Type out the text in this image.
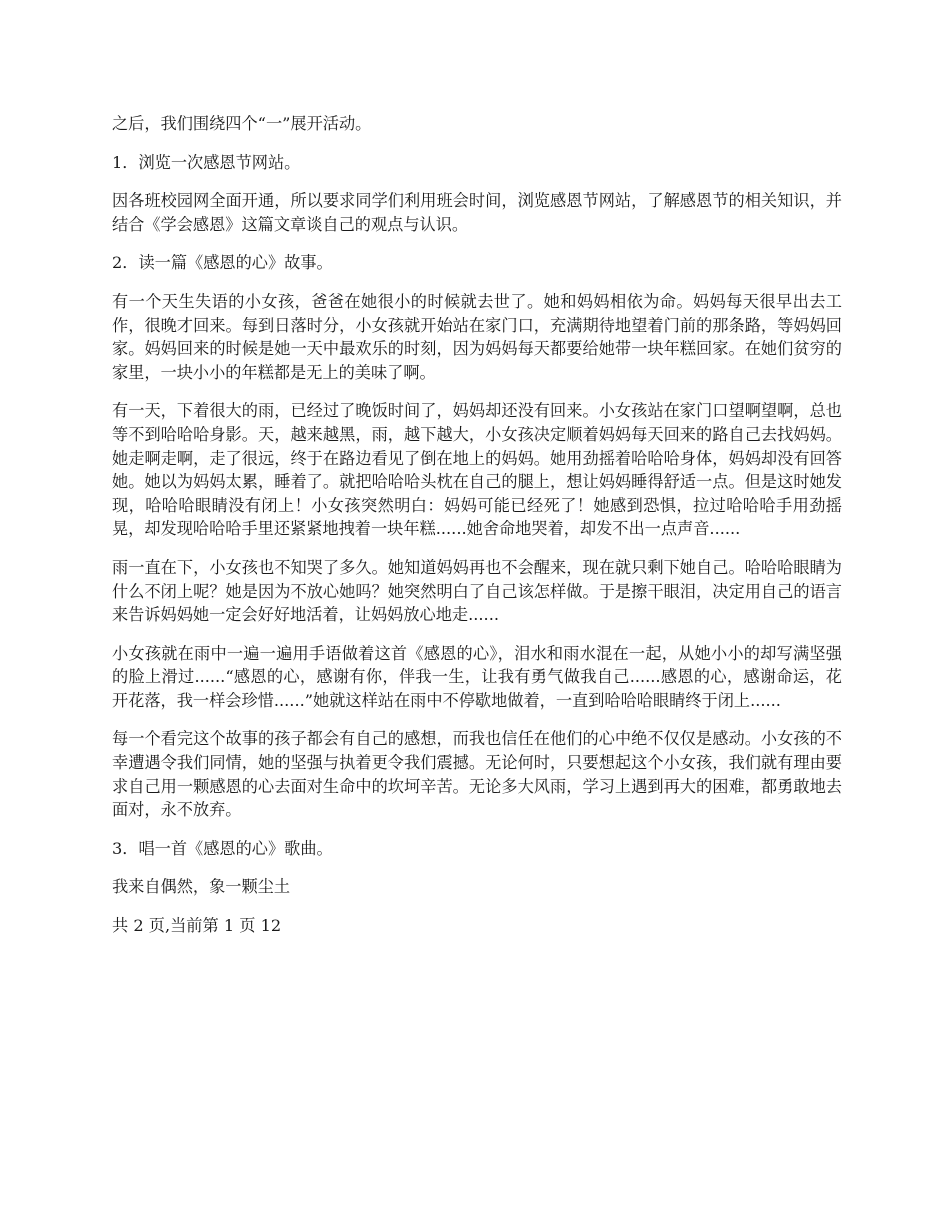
之后，我们围绕四个“一”展开活动。

1．浏览一次感恩节网站。

因各班校园网全面开通，所以要求同学们利用班会时间，浏览感恩节网站，了解感恩节的相关知识，并结合《学会感恩》这篇文章谈自己的观点与认识。

2．读一篇《感恩的心》故事。

有一个天生失语的小女孩，爸爸在她很小的时候就去世了。她和妈妈相依为命。妈妈每天很早出去工作，很晚才回来。每到日落时分，小女孩就开始站在家门口，充满期待地望着门前的那条路，等妈妈回家。妈妈回来的时候是她一天中最欢乐的时刻，因为妈妈每天都要给她带一块年糕回家。在她们贫穷的家里，一块小小的年糕都是无上的美味了啊。

有一天，下着很大的雨，已经过了晚饭时间了，妈妈却还没有回来。小女孩站在家门口望啊望啊，总也等不到哈哈哈身影。天，越来越黑，雨，越下越大，小女孩决定顺着妈妈每天回来的路自己去找妈妈。她走啊走啊，走了很远，终于在路边看见了倒在地上的妈妈。她用劲摇着哈哈哈身体，妈妈却没有回答她。她以为妈妈太累，睡着了。就把哈哈哈头枕在自己的腿上，想让妈妈睡得舒适一点。但是这时她发现，哈哈哈眼睛没有闭上！小女孩突然明白：妈妈可能已经死了！她感到恐惧，拉过哈哈哈手用劲摇晃，却发现哈哈哈手里还紧紧地拽着一块年糕......她舍命地哭着，却发不出一点声音......

雨一直在下，小女孩也不知哭了多久。她知道妈妈再也不会醒来，现在就只剩下她自己。哈哈哈眼睛为什么不闭上呢？她是因为不放心她吗？她突然明白了自己该怎样做。于是擦干眼泪，决定用自己的语言来告诉妈妈她一定会好好地活着，让妈妈放心地走......

小女孩就在雨中一遍一遍用手语做着这首《感恩的心》，泪水和雨水混在一起，从她小小的却写满坚强的脸上滑过......“感恩的心，感谢有你，伴我一生，让我有勇气做我自己......感恩的心，感谢命运，花开花落，我一样会珍惜......”她就这样站在雨中不停歇地做着，一直到哈哈哈眼睛终于闭上......

每一个看完这个故事的孩子都会有自己的感想，而我也信任在他们的心中绝不仅仅是感动。小女孩的不幸遭遇令我们同情，她的坚强与执着更令我们震撼。无论何时，只要想起这个小女孩，我们就有理由要求自己用一颗感恩的心去面对生命中的坎坷辛苦。无论多大风雨，学习上遇到再大的困难，都勇敢地去面对，永不放弃。

3．唱一首《感恩的心》歌曲。

我来自偶然，象一颗尘土

共 2 页,当前第 1 页 12
